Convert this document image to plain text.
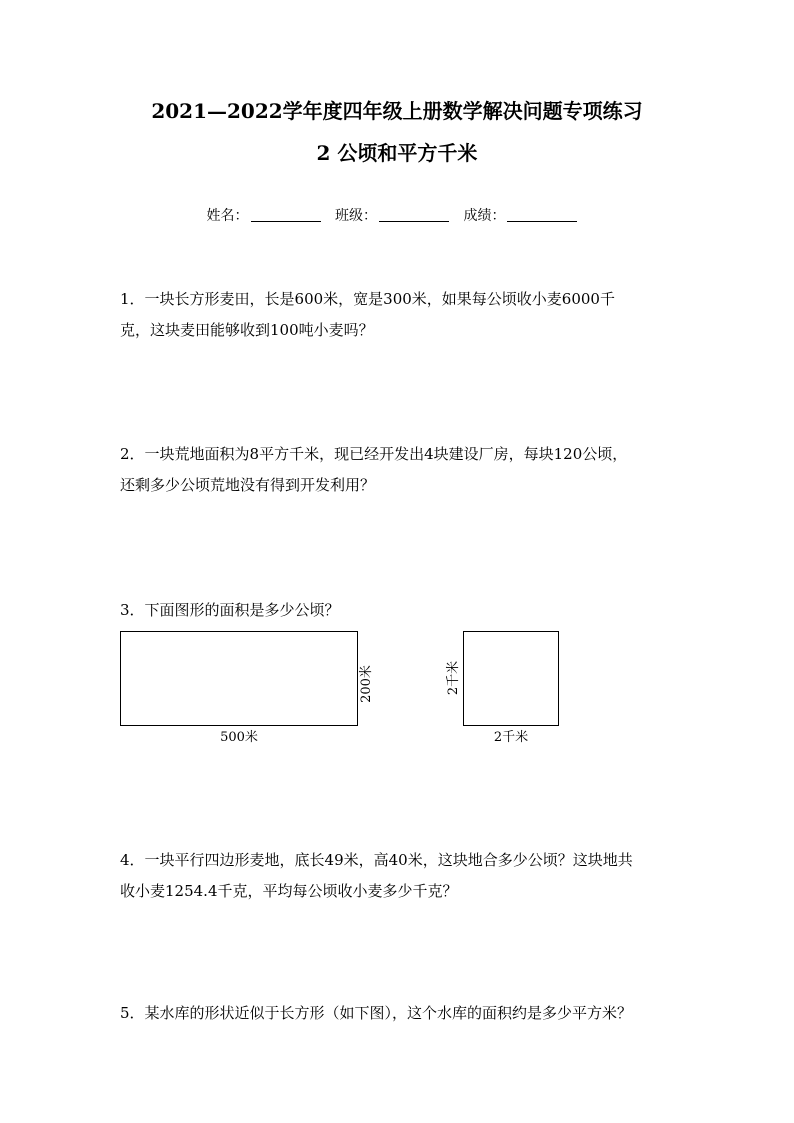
2021—2022学年度四年级上册数学解决问题专项练习
2 公顷和平方千米
姓名：	班级：	成绩：
1．一块长方形麦田，长是600米，宽是300米，如果每公顷收小麦6000千
克，这块麦田能够收到100吨小麦吗？
2．一块荒地面积为8平方千米，现已经开发出4块建设厂房，每块120公顷，
还剩多少公顷荒地没有得到开发利用？
3．下面图形的面积是多少公顷？
200米
500米
2千米
2千米
4．一块平行四边形麦地，底长49米，高40米，这块地合多少公顷？这块地共
收小麦1254.4千克，平均每公顷收小麦多少千克？
5．某水库的形状近似于长方形（如下图），这个水库的面积约是多少平方米？
